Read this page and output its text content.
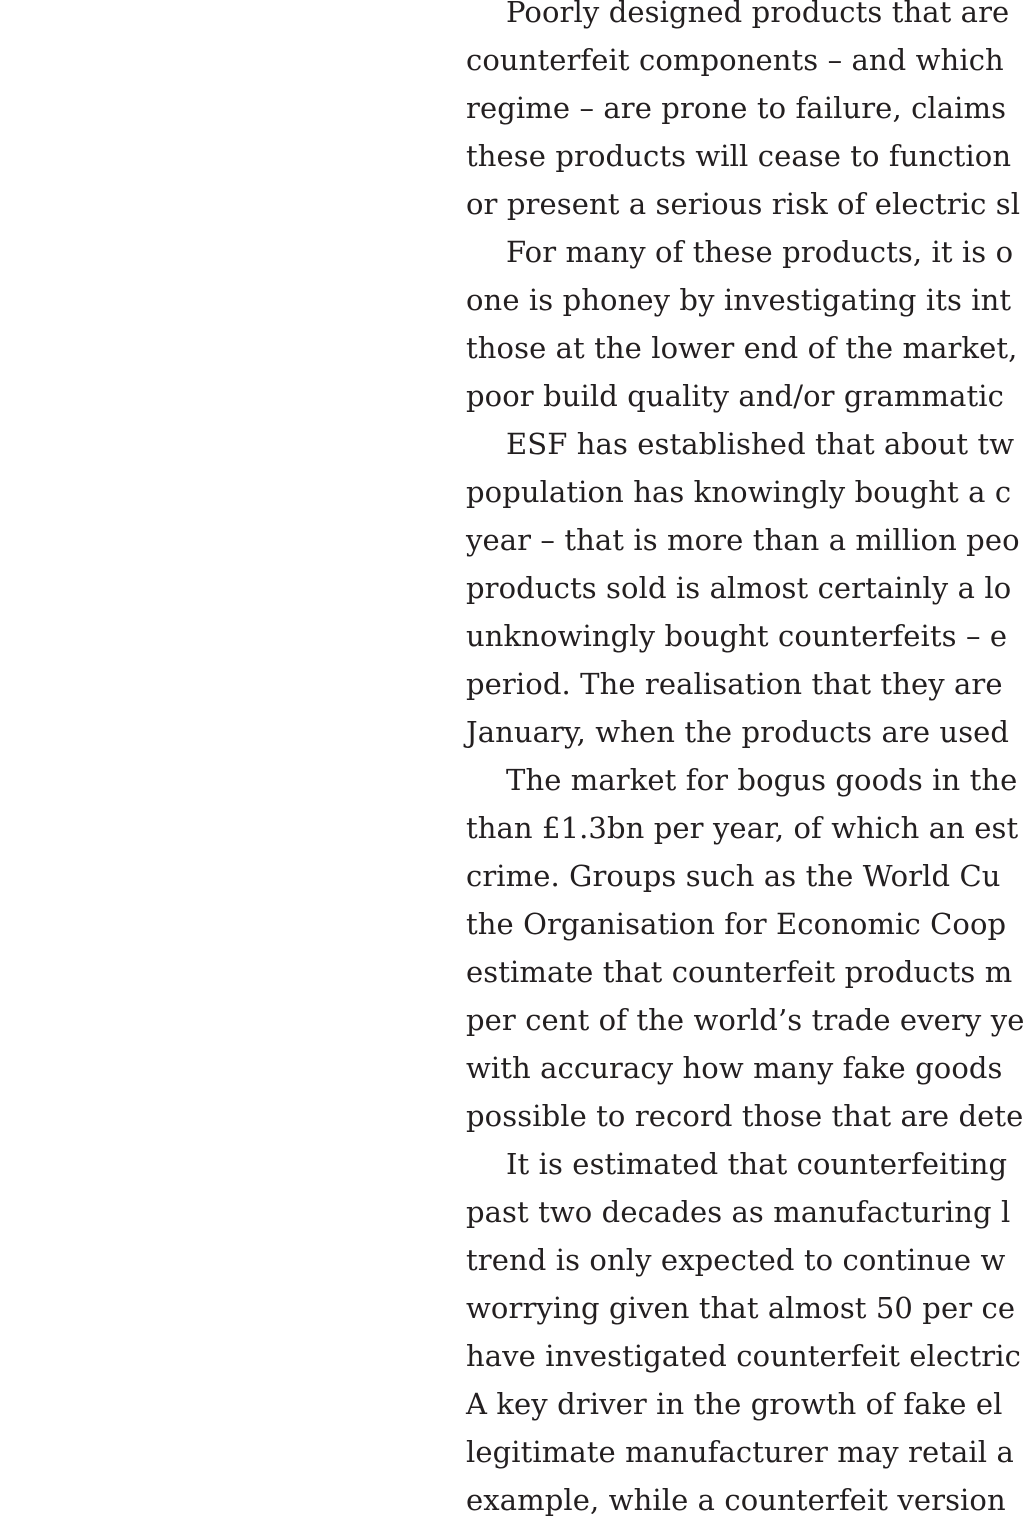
Poorly designed products that are
counterfeit components – and which
regime – are prone to failure, claims
these products will cease to function
or present a serious risk of electric sl
For many of these products, it is o
one is phoney by investigating its int
those at the lower end of the market,
poor build quality and/or grammatic
ESF has established that about tw
population has knowingly bought a c
year – that is more than a million peo
products sold is almost certainly a lo
unknowingly bought counterfeits – e
period. The realisation that they are
January, when the products are used
The market for bogus goods in the
than £1.3bn per year, of which an est
crime. Groups such as the World Cu
the Organisation for Economic Coop
estimate that counterfeit products m
per cent of the world’s trade every ye
with accuracy how many fake goods
possible to record those that are dete
It is estimated that counterfeiting
past two decades as manufacturing l
trend is only expected to continue w
worrying given that almost 50 per ce
have investigated counterfeit electric
A key driver in the growth of fake el
legitimate manufacturer may retail a
example, while a counterfeit version
